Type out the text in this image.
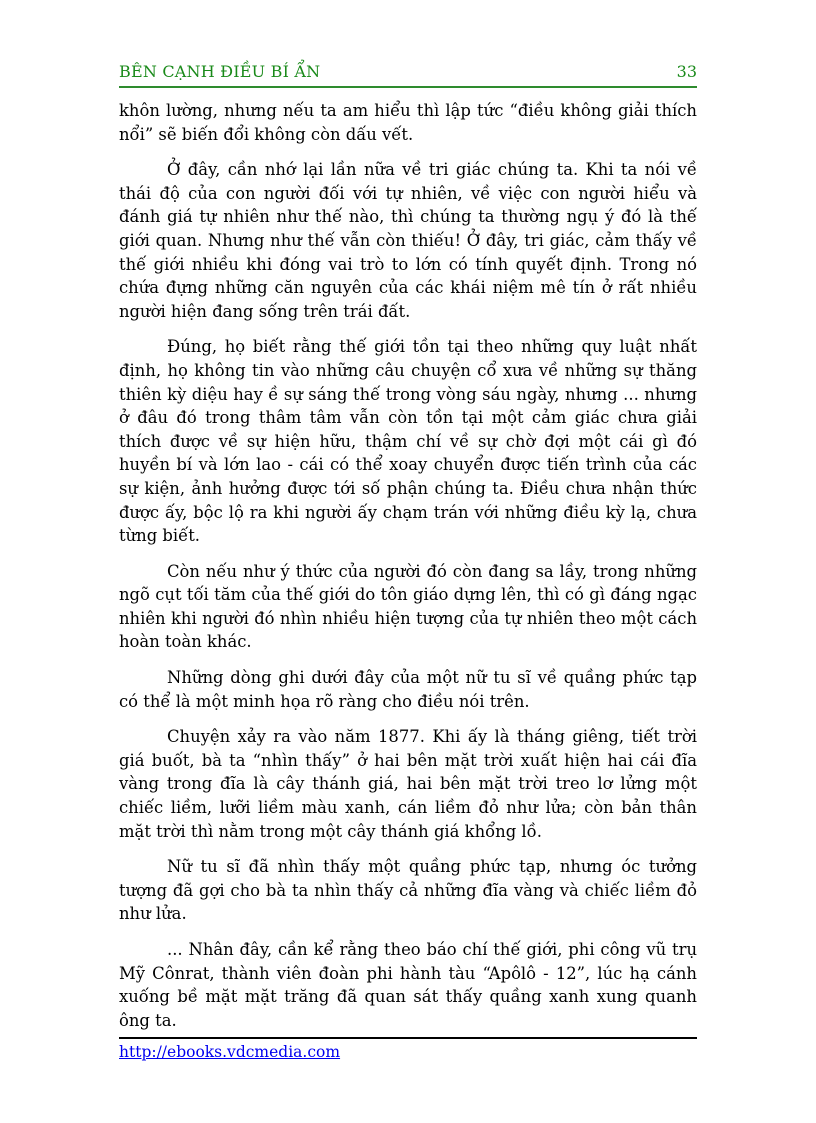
BÊN CẠNH ĐIỀU BÍ ẨN	33

khôn lường, nhưng nếu ta am hiểu thì lập tức “điều không giải thích nổi” sẽ biến đổi không còn dấu vết.

Ở đây, cần nhớ lại lần nữa về tri giác chúng ta. Khi ta nói về thái độ của con người đối với tự nhiên, về việc con người hiểu và đánh giá tự nhiên như thế nào, thì chúng ta thường ngụ ý đó là thế giới quan. Nhưng như thế vẫn còn thiếu! Ở đây, tri giác, cảm thấy về thế giới nhiều khi đóng vai trò to lớn có tính quyết định. Trong nó chứa đựng những căn nguyên của các khái niệm mê tín ở rất nhiều người hiện đang sống trên trái đất.

Đúng, họ biết rằng thế giới tồn tại theo những quy luật nhất định, họ không tin vào những câu chuyện cổ xưa về những sự thăng thiên kỳ diệu hay ề sự sáng thế trong vòng sáu ngày, nhưng ... nhưng ở đâu đó trong thâm tâm vẫn còn tồn tại một cảm giác chưa giải thích được về sự hiện hữu, thậm chí về sự chờ đợi một cái gì đó huyền bí và lớn lao - cái có thể xoay chuyển được tiến trình của các sự kiện, ảnh hưởng được tới số phận chúng ta. Điều chưa nhận thức được ấy, bộc lộ ra khi người ấy chạm trán với những điều kỳ lạ, chưa từng biết.

Còn nếu như ý thức của người đó còn đang sa lầy, trong những ngõ cụt tối tăm của thế giới do tôn giáo dựng lên, thì có gì đáng ngạc nhiên khi người đó nhìn nhiều hiện tượng của tự nhiên theo một cách hoàn toàn khác.

Những dòng ghi dưới đây của một nữ tu sĩ về quầng phức tạp có thể là một minh họa rõ ràng cho điều nói trên.

Chuyện xảy ra vào năm 1877. Khi ấy là tháng giêng, tiết trời giá buốt, bà ta “nhìn thấy” ở hai bên mặt trời xuất hiện hai cái đĩa vàng trong đĩa là cây thánh giá, hai bên mặt trời treo lơ lửng một chiếc liềm, lưỡi liềm màu xanh, cán liềm đỏ như lửa; còn bản thân mặt trời thì nằm trong một cây thánh giá khổng lồ.

Nữ tu sĩ đã nhìn thấy một quầng phức tạp, nhưng óc tưởng tượng đã gợi cho bà ta nhìn thấy cả những đĩa vàng và chiếc liềm đỏ như lửa.

... Nhân đây, cần kể rằng theo báo chí thế giới, phi công vũ trụ Mỹ Cônrat, thành viên đoàn phi hành tàu “Apôlô - 12”, lúc hạ cánh xuống bề mặt mặt trăng đã quan sát thấy quầng xanh xung quanh ông ta.

http://ebooks.vdcmedia.com
